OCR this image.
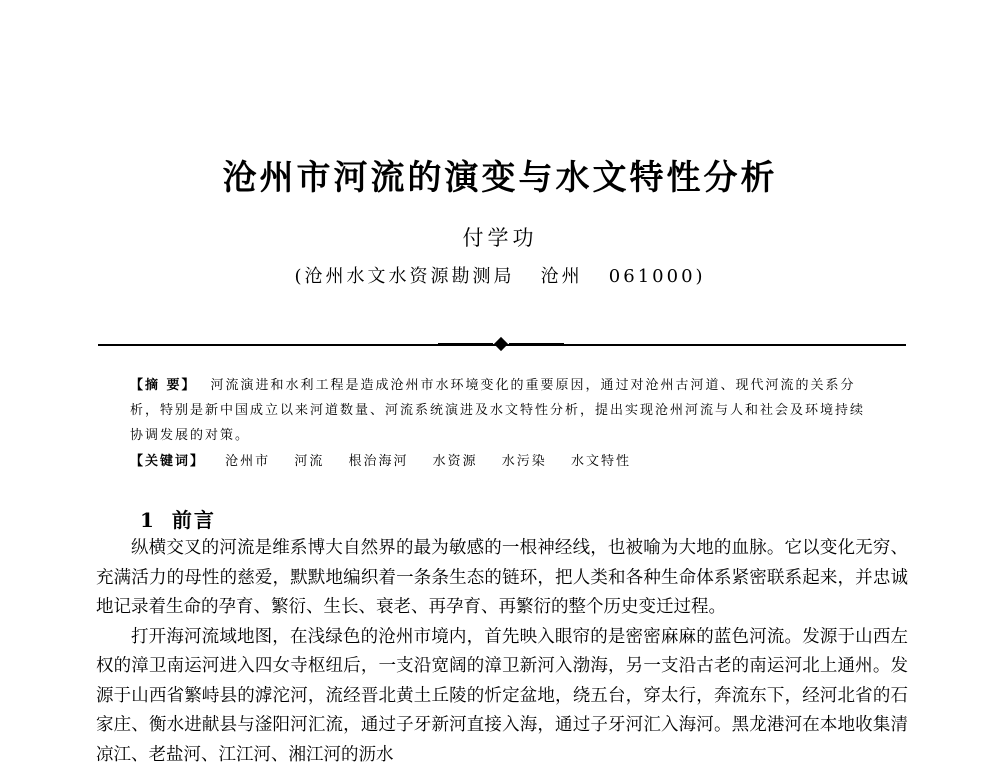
沧州市河流的演变与水文特性分析
付学功
(沧州水文水资源勘测局   沧州   061000)
【摘 要】 河流演进和水利工程是造成沧州市水环境变化的重要原因，通过对沧州古河道、现代河流的关系分析，特别是新中国成立以来河道数量、河流系统演进及水文特性分析，提出实现沧州河流与人和社会及环境持续协调发展的对策。
【关键词】 沧州市 河流 根治海河 水资源 水污染 水文特性
1 前言

纵横交叉的河流是维系博大自然界的最为敏感的一根神经线，也被喻为大地的血脉。它以变化无穷、充满活力的母性的慈爱，默默地编织着一条条生态的链环，把人类和各种生命体系紧密联系起来，并忠诚地记录着生命的孕育、繁衍、生长、衰老、再孕育、再繁衍的整个历史变迁过程。

打开海河流域地图，在浅绿色的沧州市境内，首先映入眼帘的是密密麻麻的蓝色河流。发源于山西左权的漳卫南运河进入四女寺枢纽后，一支沿宽阔的漳卫新河入渤海，另一支沿古老的南运河北上通州。发源于山西省繁峙县的滹沱河，流经晋北黄土丘陵的忻定盆地，绕五台，穿太行，奔流东下，经河北省的石家庄、衡水进献县与滏阳河汇流，通过子牙新河直接入海，通过子牙河汇入海河。黑龙港河在本地收集清凉江、老盐河、江江河、湘江河的沥水
